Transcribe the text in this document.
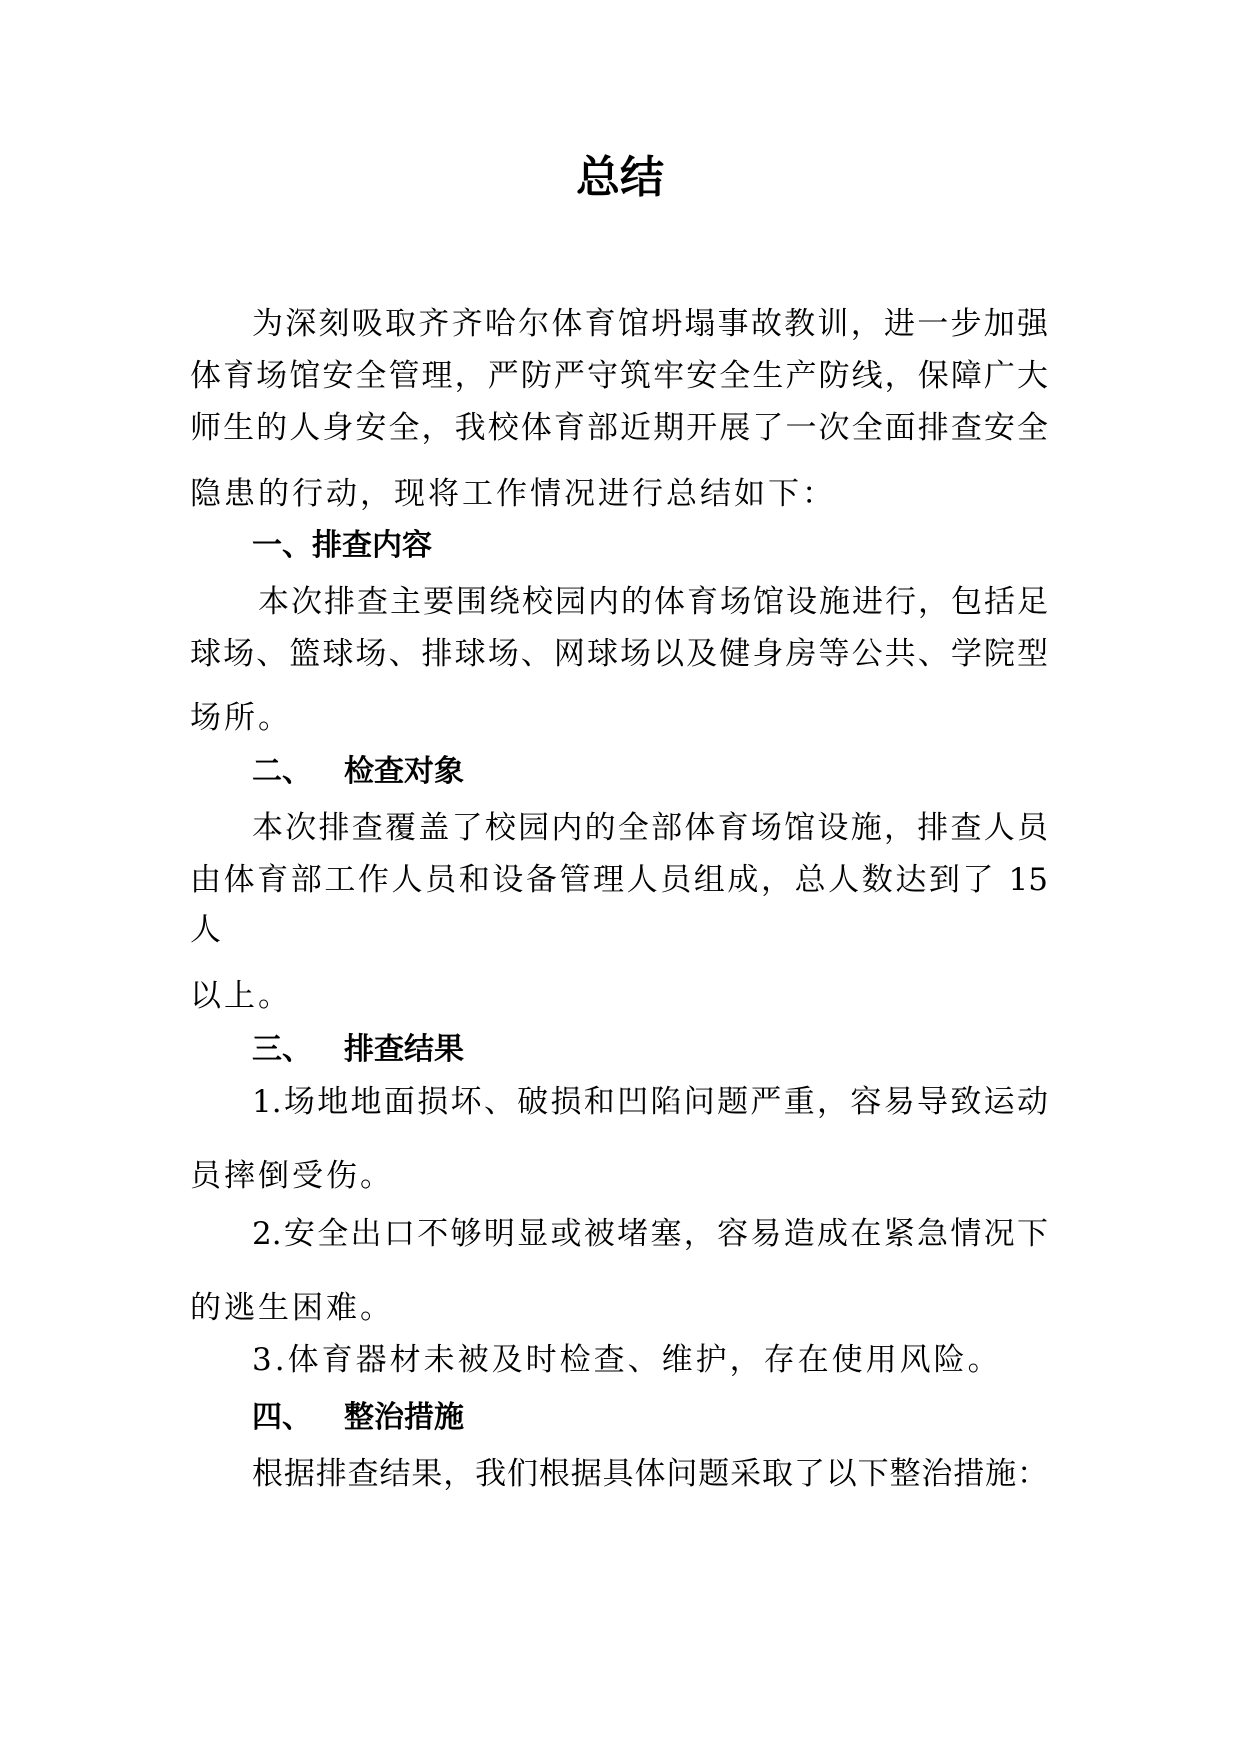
总结

为深刻吸取齐齐哈尔体育馆坍塌事故教训，进一步加强

体育场馆安全管理，严防严守筑牢安全生产防线，保障广大

师生的人身安全，我校体育部近期开展了一次全面排查安全

隐患的行动，现将工作情况进行总结如下：

一、排查内容

本次排查主要围绕校园内的体育场馆设施进行，包括足

球场、篮球场、排球场、网球场以及健身房等公共、学院型

场所。

二、 检查对象

本次排查覆盖了校园内的全部体育场馆设施，排查人员

由体育部工作人员和设备管理人员组成，总人数达到了 15

人

以上。

三、 排查结果

1.场地地面损坏、破损和凹陷问题严重，容易导致运动

员摔倒受伤。

2.安全出口不够明显或被堵塞，容易造成在紧急情况下

的逃生困难。

3.体育器材未被及时检查、维护，存在使用风险。

四、 整治措施

根据排查结果，我们根据具体问题采取了以下整治措施：
